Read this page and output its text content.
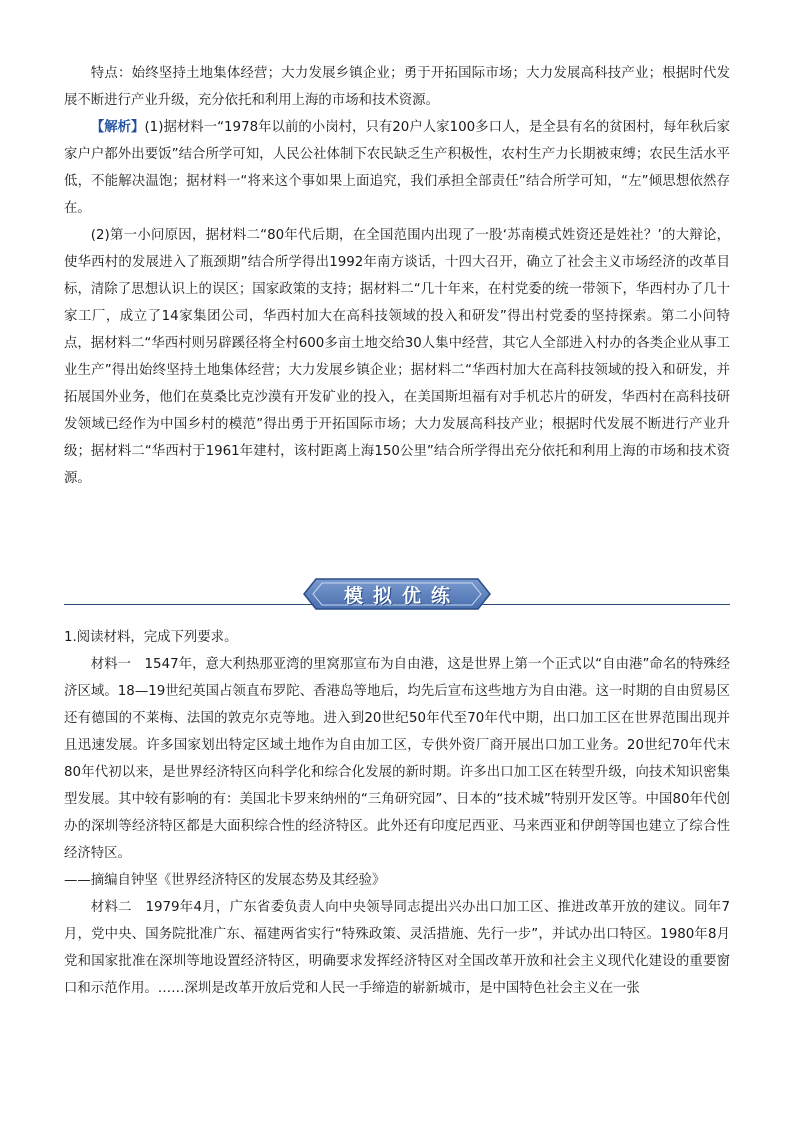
特点：始终坚持土地集体经营；大力发展乡镇企业；勇于开拓国际市场；大力发展高科技产业；根据时代发展不断进行产业升级，充分依托和利用上海的市场和技术资源。

【解析】(1)据材料一“1978年以前的小岗村，只有20户人家100多口人，是全县有名的贫困村，每年秋后家家户户都外出要饭”结合所学可知，人民公社体制下农民缺乏生产积极性，农村生产力长期被束缚；农民生活水平低，不能解决温饱；据材料一“将来这个事如果上面追究，我们承担全部责任”结合所学可知，“左”倾思想依然存在。

(2)第一小问原因，据材料二“80年代后期，在全国范围内出现了一股‘苏南模式姓资还是姓社？’的大辩论，使华西村的发展进入了瓶颈期”结合所学得出1992年南方谈话，十四大召开，确立了社会主义市场经济的改革目标，清除了思想认识上的误区；国家政策的支持；据材料二“几十年来，在村党委的统一带领下，华西村办了几十家工厂，成立了14家集团公司，华西村加大在高科技领域的投入和研发”得出村党委的坚持探索。第二小问特点，据材料二“华西村则另辟蹊径将全村600多亩土地交给30人集中经营，其它人全部进入村办的各类企业从事工业生产”得出始终坚持土地集体经营；大力发展乡镇企业；据材料二“华西村加大在高科技领域的投入和研发，并拓展国外业务，他们在莫桑比克沙漠有开发矿业的投入，在美国斯坦福有对手机芯片的研发，华西村在高科技研发领域已经作为中国乡村的模范”得出勇于开拓国际市场；大力发展高科技产业；根据时代发展不断进行产业升级；据材料二“华西村于1961年建村，该村距离上海150公里”结合所学得出充分依托和利用上海的市场和技术资源。

模拟优练
1.阅读材料，完成下列要求。

材料一　1547年，意大利热那亚湾的里窝那宣布为自由港，这是世界上第一个正式以“自由港”命名的特殊经济区域。18—19世纪英国占领直布罗陀、香港岛等地后，均先后宣布这些地方为自由港。这一时期的自由贸易区还有德国的不莱梅、法国的敦克尔克等地。进入到20世纪50年代至70年代中期，出口加工区在世界范围出现并且迅速发展。许多国家划出特定区域土地作为自由加工区，专供外资厂商开展出口加工业务。20世纪70年代末80年代初以来，是世界经济特区向科学化和综合化发展的新时期。许多出口加工区在转型升级，向技术知识密集型发展。其中较有影响的有：美国北卡罗来纳州的“三角研究园”、日本的“技术城”特别开发区等。中国80年代创办的深圳等经济特区都是大面积综合性的经济特区。此外还有印度尼西亚、马来西亚和伊朗等国也建立了综合性经济特区。

——摘编自钟坚《世界经济特区的发展态势及其经验》

材料二　1979年4月，广东省委负责人向中央领导同志提出兴办出口加工区、推进改革开放的建议。同年7月，党中央、国务院批准广东、福建两省实行“特殊政策、灵活措施、先行一步”，并试办出口特区。1980年8月党和国家批准在深圳等地设置经济特区，明确要求发挥经济特区对全国改革开放和社会主义现代化建设的重要窗口和示范作用。……深圳是改革开放后党和人民一手缔造的崭新城市，是中国特色社会主义在一张
